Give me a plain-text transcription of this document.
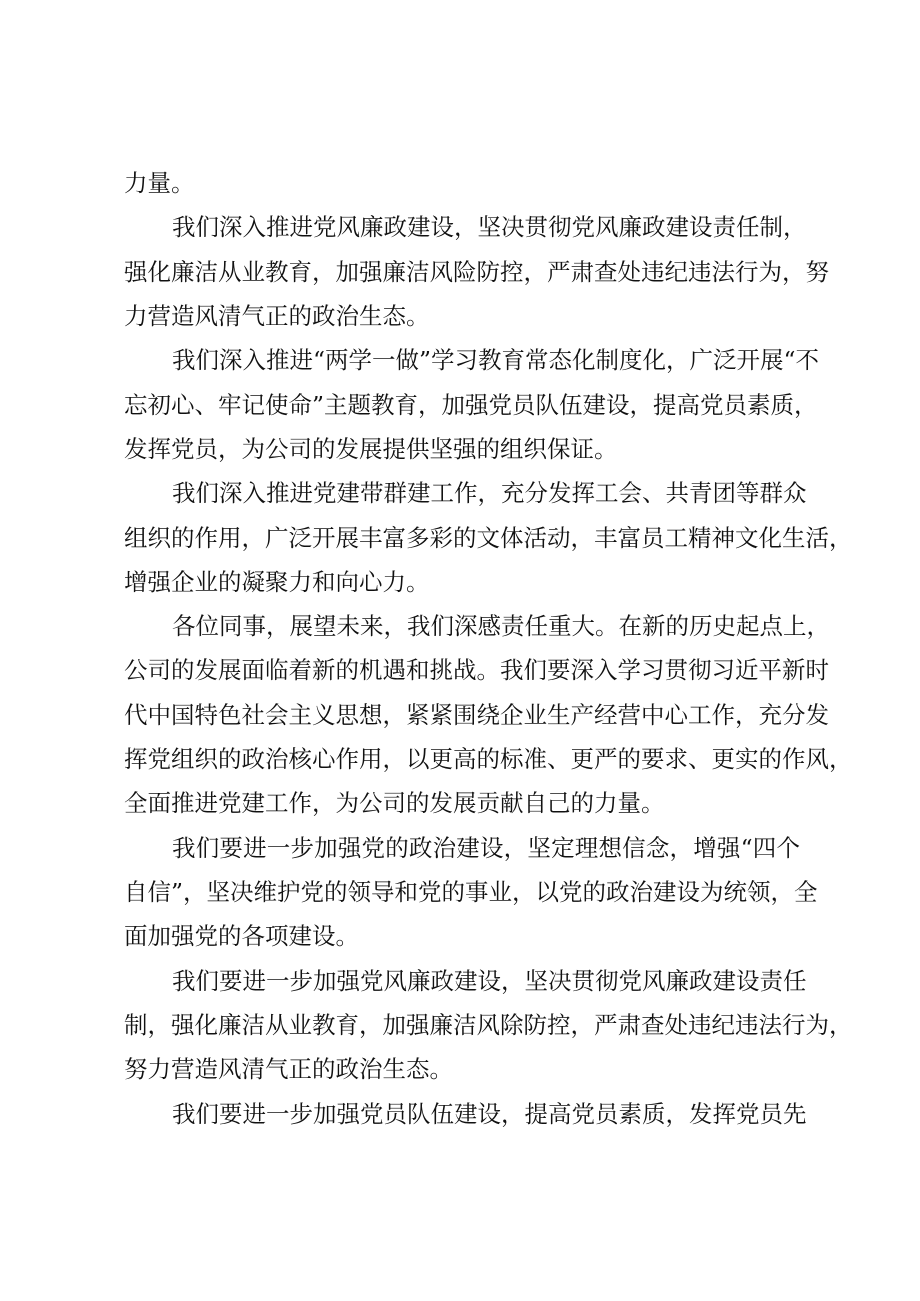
力量。

我们深入推进党风廉政建设，坚决贯彻党风廉政建设责任制，

强化廉洁从业教育，加强廉洁风险防控，严肃查处违纪违法行为，努

力营造风清气正的政治生态。

我们深入推进“两学一做”学习教育常态化制度化，广泛开展“不

忘初心、牢记使命”主题教育，加强党员队伍建设，提高党员素质，

发挥党员，为公司的发展提供坚强的组织保证。

我们深入推进党建带群建工作，充分发挥工会、共青团等群众

组织的作用，广泛开展丰富多彩的文体活动，丰富员工精神文化生活，

增强企业的凝聚力和向心力。

各位同事，展望未来，我们深感责任重大。在新的历史起点上，

公司的发展面临着新的机遇和挑战。我们要深入学习贯彻习近平新时

代中国特色社会主义思想，紧紧围绕企业生产经营中心工作，充分发

挥党组织的政治核心作用，以更高的标准、更严的要求、更实的作风，

全面推进党建工作，为公司的发展贡献自己的力量。

我们要进一步加强党的政治建设，坚定理想信念，增强“四个

自信”，坚决维护党的领导和党的事业，以党的政治建设为统领，全

面加强党的各项建设。

我们要进一步加强党风廉政建设，坚决贯彻党风廉政建设责任

制，强化廉洁从业教育，加强廉洁风除防控，严肃查处违纪违法行为，

努力营造风清气正的政治生态。

我们要进一步加强党员队伍建设，提高党员素质，发挥党员先
